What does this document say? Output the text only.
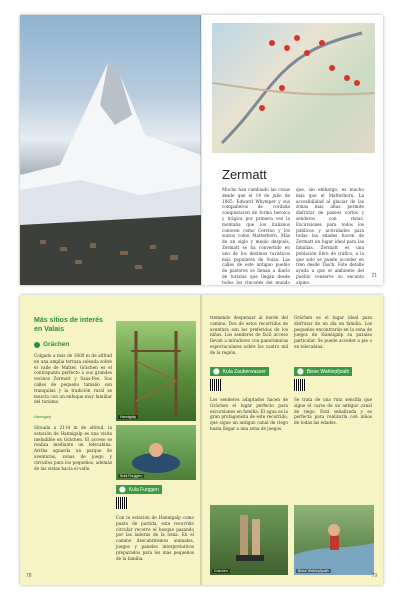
Zermatt

Mucho han cambiado las cosas desde que el 14 de julio de 1865, Edward Whymper y sus compañeros de cordada conquistaron de forma heroica y trágica por primera vez la montaña que los italianos conocen como Cervino y los suizos como Matterhorn. Más de un siglo y medio después, Zermatt se ha convertido en uno de los destinos turísticos más populares de Suiza. Las calles de este antiguo pueblo de pastores se llenan a diario de turistas que llegan desde todos los rincones del mundo

que, sin embargo, es mucho más que el Matterhorn. La accesibilidad al glaciar de las zonas más altas permite disfrutar de paseos cortos y senderos con vistas. Excursiones para todos los públicos y actividades para todas las edades hacen de Zermatt un lugar ideal para las familias. Zermatt es una población libre de tráfico, a la que solo se puede acceder en tren desde Täsch. Este detalle ayuda a que el ambiente del pueblo conserve su encanto alpino.

21
Más sitios de interés
en Valais
Grächen

Colgado a más de 1600 m de altitud en una amplia terraza soleada sobre el valle de Matter, Grächen es el contrapunto perfecto a sus grandes vecinos Zermatt y Saas-Fee. Sus calles de pequeño tamaño son tranquilas y la tradición rural se mezcla con un enfoque muy familiar del turismo.

Hannigalp

Situada a 2114 m de altitud, la estación de Hannigalp es una visita ineludible en Grächen. El acceso se realiza mediante un telecabina. Arriba aguarda un parque de aventuras, zonas de juego y circuitos para los pequeños, además de las vistas hacia el valle.

Hannigalp
Kula Furggen
⬤ Kula Furggen

Con la estación de Hannigalp como punto de partida, este recorrido circular recorre el bosque pasando por las laderas de la loma. En el camino descubriremos animales, juegos y paneles interpretativos preparados para los más pequeños de la familia.

78

tremendo despensar al borde del camino. Dos de estos recorridos de aventura son los preferidos de los niños. Los senderos de fácil acceso llevan a miradores con panorámicas espectaculares sobre los cuatro mil de la región.

⬤ Kula Zauberwasser

Los senderos adaptados hacen de Grächen el lugar perfecto para excursiones en familia. El agua es la gran protagonista de este recorrido, que sigue un antiguo canal de riego hasta llegar a una zona de juegos.

Grächen es el lugar ideal para disfrutar de un día en familia. Los pequeños encontrarán en la zona de juegos de Hannigalp su paraíso particular. Se puede acceder a pie o en telecabina.

⬤ Bisse Wahlepfjoath

Se trata de una ruta sencilla que sigue el curso de un antiguo canal de riego. Está señalizada y es perfecta para realizarla con niños de todas las edades.

Grächen	Bisse Wahlepfjoath
79
